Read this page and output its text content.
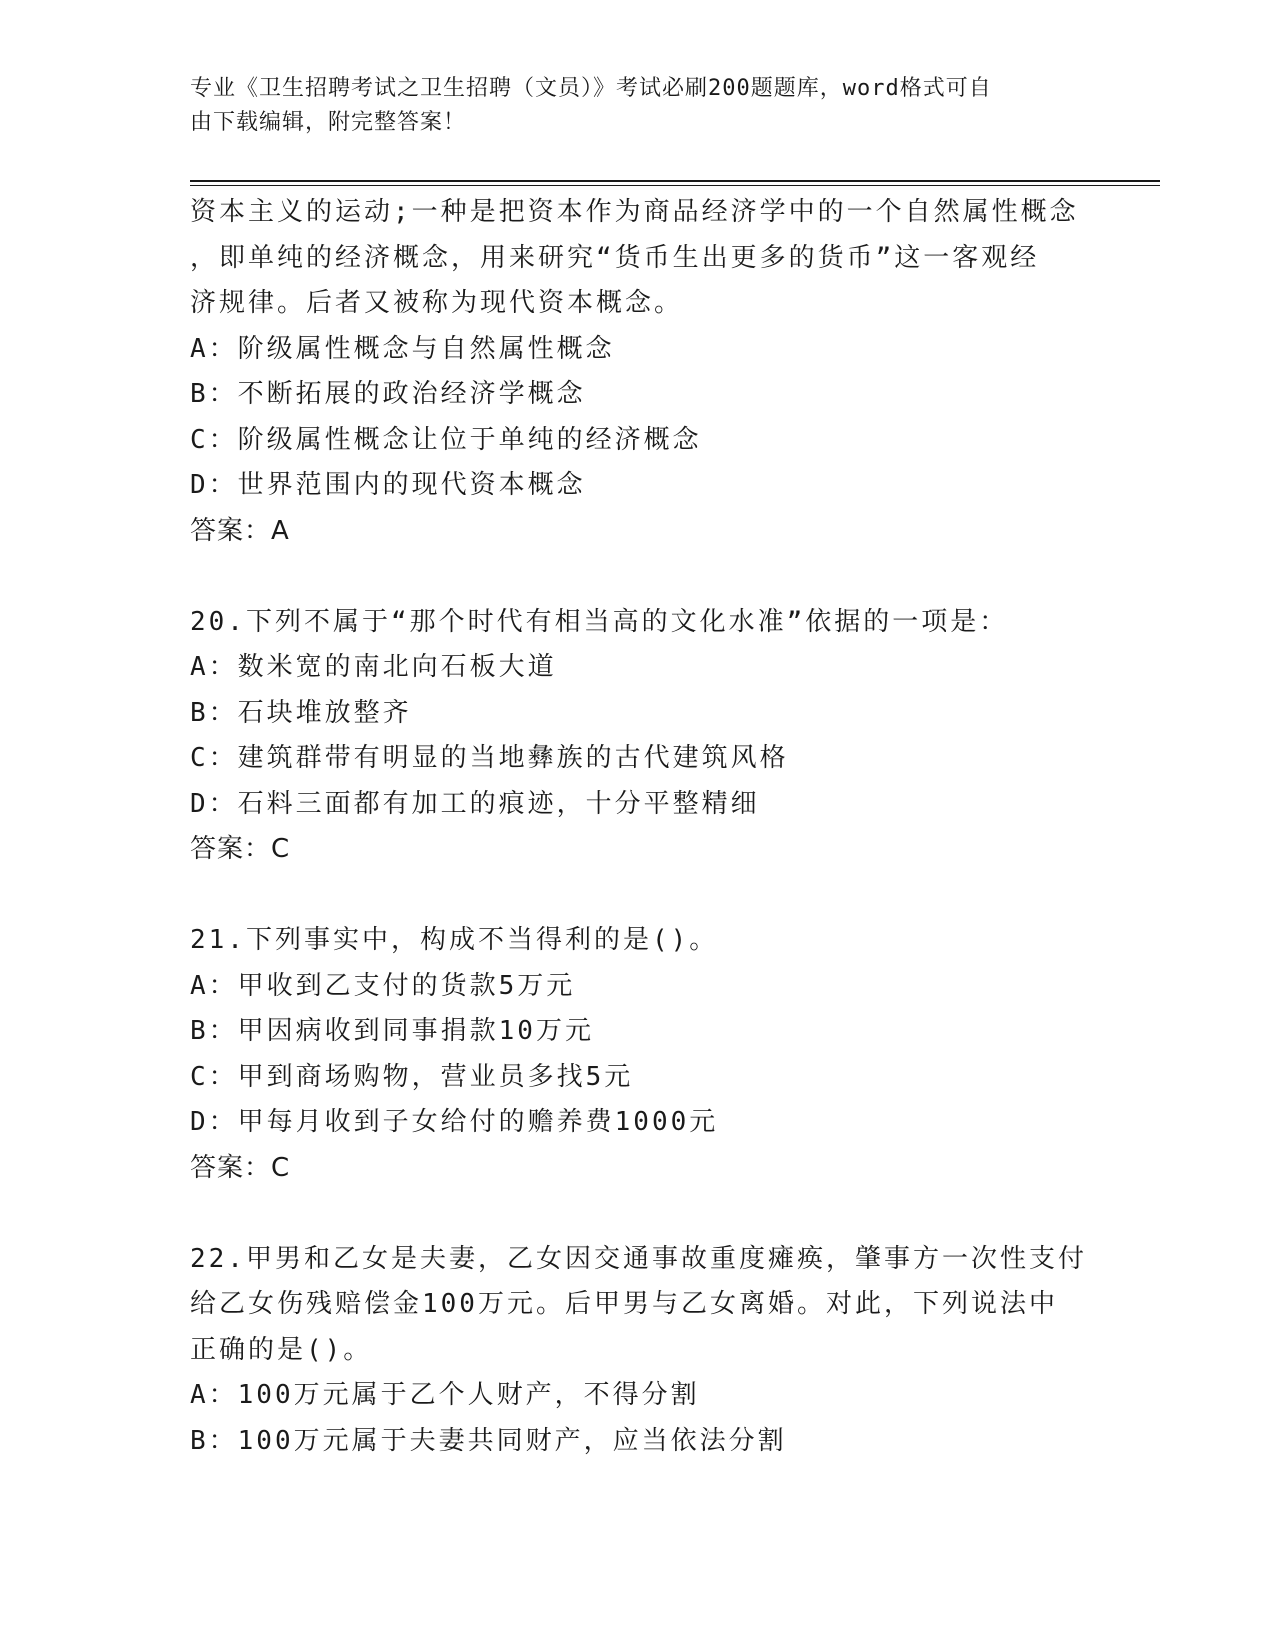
专业《卫生招聘考试之卫生招聘（文员）》考试必刷200题题库，word格式可自
由下载编辑，附完整答案！
资本主义的运动;一种是把资本作为商品经济学中的一个自然属性概念
，即单纯的经济概念，用来研究“货币生出更多的货币”这一客观经
济规律。后者又被称为现代资本概念。
A：阶级属性概念与自然属性概念
B：不断拓展的政治经济学概念
C：阶级属性概念让位于单纯的经济概念
D：世界范围内的现代资本概念
答案：A
20.下列不属于“那个时代有相当高的文化水准”依据的一项是：
A：数米宽的南北向石板大道
B：石块堆放整齐
C：建筑群带有明显的当地彝族的古代建筑风格
D：石料三面都有加工的痕迹，十分平整精细
答案：C
21.下列事实中，构成不当得利的是()。
A：甲收到乙支付的货款5万元
B：甲因病收到同事捐款10万元
C：甲到商场购物，营业员多找5元
D：甲每月收到子女给付的赡养费1000元
答案：C
22.甲男和乙女是夫妻，乙女因交通事故重度瘫痪，肇事方一次性支付
给乙女伤残赔偿金100万元。后甲男与乙女离婚。对此，下列说法中
正确的是()。
A：100万元属于乙个人财产，不得分割
B：100万元属于夫妻共同财产，应当依法分割
